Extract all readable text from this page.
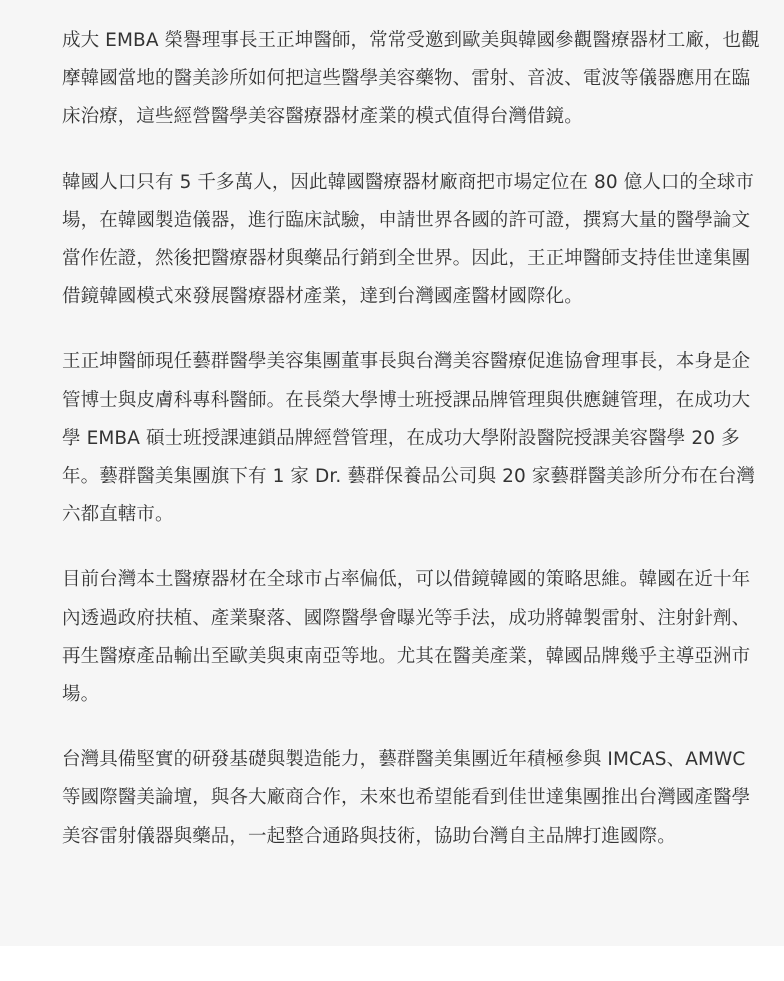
成大 EMBA 榮譽理事長王正坤醫師，常常受邀到歐美與韓國參觀醫療器材工廠，也觀摩韓國當地的醫美診所如何把這些醫學美容藥物、雷射、音波、電波等儀器應用在臨床治療，這些經營醫學美容醫療器材產業的模式值得台灣借鏡。

韓國人口只有 5 千多萬人，因此韓國醫療器材廠商把市場定位在 80 億人口的全球市場，在韓國製造儀器，進行臨床試驗，申請世界各國的許可證，撰寫大量的醫學論文當作佐證，然後把醫療器材與藥品行銷到全世界。因此，王正坤醫師支持佳世達集團借鏡韓國模式來發展醫療器材產業，達到台灣國產醫材國際化。

王正坤醫師現任藝群醫學美容集團董事長與台灣美容醫療促進協會理事長，本身是企管博士與皮膚科專科醫師。在長榮大學博士班授課品牌管理與供應鏈管理，在成功大學 EMBA 碩士班授課連鎖品牌經營管理，在成功大學附設醫院授課美容醫學 20 多年。藝群醫美集團旗下有 1 家 Dr. 藝群保養品公司與 20 家藝群醫美診所分布在台灣六都直轄市。

目前台灣本土醫療器材在全球市占率偏低，可以借鏡韓國的策略思維。韓國在近十年內透過政府扶植、產業聚落、國際醫學會曝光等手法，成功將韓製雷射、注射針劑、再生醫療產品輸出至歐美與東南亞等地。尤其在醫美產業，韓國品牌幾乎主導亞洲市場。

台灣具備堅實的研發基礎與製造能力，藝群醫美集團近年積極參與 IMCAS、AMWC 等國際醫美論壇，與各大廠商合作，未來也希望能看到佳世達集團推出台灣國產醫學美容雷射儀器與藥品，一起整合通路與技術，協助台灣自主品牌打進國際。
